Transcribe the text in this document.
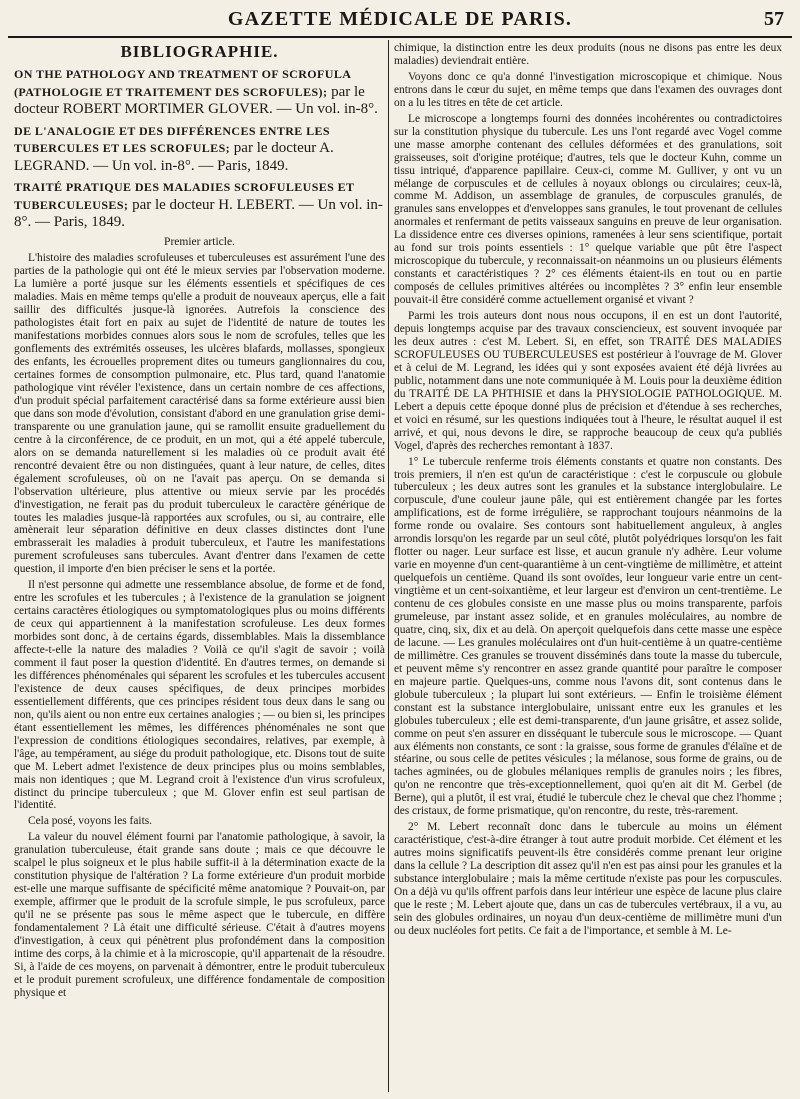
GAZETTE MÉDICALE DE PARIS.	57
BIBLIOGRAPHIE.
ON THE PATHOLOGY AND TREATMENT OF SCROFULA (PATHOLOGIE ET TRAITEMENT DES SCROFULES); par le docteur ROBERT MORTIMER GLOVER. — Un vol. in-8°.
DE L'ANALOGIE ET DES DIFFÉRENCES ENTRE LES TUBERCULES ET LES SCROFULES; par le docteur A. LEGRAND. — Un vol. in-8°. — Paris, 1849.
TRAITÉ PRATIQUE DES MALADIES SCROFULEUSES ET TUBERCULEUSES; par le docteur H. LEBERT. — Un vol. in-8°. — Paris, 1849.
Premier article.

L'histoire des maladies scrofuleuses et tuberculeuses est assurément l'une des parties de la pathologie qui ont été le mieux servies par l'observation moderne. La lumière a porté jusque sur les éléments essentiels et spécifiques de ces maladies. Mais en même temps qu'elle a produit de nouveaux aperçus, elle a fait saillir des difficultés jusque-là ignorées. Autrefois la conscience des pathologistes était fort en paix au sujet de l'identité de nature de toutes les manifestations morbides connues alors sous le nom de scrofules, telles que les gonflements des extrémités osseuses, les ulcères blafards, mollasses, spongieux des enfants, les écrouelles proprement dites ou tumeurs ganglionnaires du cou, certaines formes de consomption pulmonaire, etc. Plus tard, quand l'anatomie pathologique vint révéler l'existence, dans un certain nombre de ces affections, d'un produit spécial parfaitement caractérisé dans sa forme extérieure aussi bien que dans son mode d'évolution, consistant d'abord en une granulation grise demi-transparente ou une granulation jaune, qui se ramollit ensuite graduellement du centre à la circonférence, de ce produit, en un mot, qui a été appelé tubercule, alors on se demanda naturellement si les maladies où ce produit avait été rencontré devaient être ou non distinguées, quant à leur nature, de celles, dites également scrofuleuses, où on ne l'avait pas aperçu. On se demanda si l'observation ultérieure, plus attentive ou mieux servie par les procédés d'investigation, ne ferait pas du produit tuberculeux le caractère générique de toutes les maladies jusque-là rapportées aux scrofules, ou si, au contraire, elle amènerait leur séparation définitive en deux classes distinctes dont l'une embrasserait les maladies à produit tuberculeux, et l'autre les manifestations purement scrofuleuses sans tubercules. Avant d'entrer dans l'examen de cette question, il importe d'en bien préciser le sens et la portée.

Il n'est personne qui admette une ressemblance absolue, de forme et de fond, entre les scrofules et les tubercules ; à l'existence de la granulation se joignent certains caractères étiologiques ou symptomatologiques plus ou moins différents de ceux qui appartiennent à la manifestation scrofuleuse. Les deux formes morbides sont donc, à de certains égards, dissemblables. Mais la dissemblance affecte-t-elle la nature des maladies ? Voilà ce qu'il s'agit de savoir ; voilà comment il faut poser la question d'identité. En d'autres termes, on demande si les différences phénoménales qui séparent les scrofules et les tubercules accusent l'existence de deux causes spécifiques, de deux principes morbides essentiellement différents, que ces principes résident tous deux dans le sang ou non, qu'ils aient ou non entre eux certaines analogies ; — ou bien si, les principes étant essentiellement les mêmes, les différences phénoménales ne sont que l'expression de conditions étiologiques secondaires, relatives, par exemple, à l'âge, au tempérament, au siége du produit pathologique, etc. Disons tout de suite que M. Lebert admet l'existence de deux principes plus ou moins semblables, mais non identiques ; que M. Legrand croit à l'existence d'un virus scrofuleux, distinct du principe tuberculeux ; que M. Glover enfin est seul partisan de l'identité.

Cela posé, voyons les faits.

La valeur du nouvel élément fourni par l'anatomie pathologique, à savoir, la granulation tuberculeuse, était grande sans doute ; mais ce que découvre le scalpel le plus soigneux et le plus habile suffit-il à la détermination exacte de la constitution physique de l'altération ? La forme extérieure d'un produit morbide est-elle une marque suffisante de spécificité même anatomique ? Pouvait-on, par exemple, affirmer que le produit de la scrofule simple, le pus scrofuleux, parce qu'il ne se présente pas sous le même aspect que le tubercule, en diffère fondamentalement ? Là était une difficulté sérieuse. C'était à d'autres moyens d'investigation, à ceux qui pénètrent plus profondément dans la composition intime des corps, à la chimie et à la microscopie, qu'il appartenait de la résoudre. Si, à l'aide de ces moyens, on parvenait à démontrer, entre le produit tuberculeux et le produit purement scrofuleux, une différence fondamentale de composition physique et

chimique, la distinction entre les deux produits (nous ne disons pas entre les deux maladies) deviendrait entière.

Voyons donc ce qu'a donné l'investigation microscopique et chimique. Nous entrons dans le cœur du sujet, en même temps que dans l'examen des ouvrages dont on a lu les titres en tête de cet article.

Le microscope a longtemps fourni des données incohérentes ou contradictoires sur la constitution physique du tubercule. Les uns l'ont regardé avec Vogel comme une masse amorphe contenant des cellules déformées et des granulations, soit graisseuses, soit d'origine protéique; d'autres, tels que le docteur Kuhn, comme un tissu intriqué, d'apparence papillaire. Ceux-ci, comme M. Gulliver, y ont vu un mélange de corpuscules et de cellules à noyaux oblongs ou circulaires; ceux-là, comme M. Addison, un assemblage de granules, de corpuscules granulés, de granules sans enveloppes et d'enveloppes sans granules, le tout provenant de cellules anormales et renfermant de petits vaisseaux sanguins en preuve de leur organisation. La dissidence entre ces diverses opinions, ramenées à leur sens scientifique, portait au fond sur trois points essentiels : 1° quelque variable que pût être l'aspect microscopique du tubercule, y reconnaissait-on néanmoins un ou plusieurs éléments constants et caractéristiques ? 2° ces éléments étaient-ils en tout ou en partie composés de cellules primitives altérées ou incomplètes ? 3° enfin leur ensemble pouvait-il être considéré comme actuellement organisé et vivant ?

Parmi les trois auteurs dont nous nous occupons, il en est un dont l'autorité, depuis longtemps acquise par des travaux consciencieux, est souvent invoquée par les deux autres : c'est M. Lebert. Si, en effet, son TRAITÉ DES MALADIES SCROFULEUSES OU TUBERCULEUSES est postérieur à l'ouvrage de M. Glover et à celui de M. Legrand, les idées qui y sont exposées avaient été déjà livrées au public, notamment dans une note communiquée à M. Louis pour la deuxième édition du TRAITÉ DE LA PHTHISIE et dans la PHYSIOLOGIE PATHOLOGIQUE. M. Lebert a depuis cette époque donné plus de précision et d'étendue à ses recherches, et voici en résumé, sur les questions indiquées tout à l'heure, le résultat auquel il est arrivé, et qui, nous devons le dire, se rapproche beaucoup de ceux qu'a publiés Vogel, d'après des recherches remontant à 1837.

1° Le tubercule renferme trois éléments constants et quatre non constants. Des trois premiers, il n'en est qu'un de caractéristique : c'est le corpuscule ou globule tuberculeux ; les deux autres sont les granules et la substance interglobulaire. Le corpuscule, d'une couleur jaune pâle, qui est entièrement changée par les fortes amplifications, est de forme irrégulière, se rapprochant toujours néanmoins de la forme ronde ou ovalaire. Ses contours sont habituellement anguleux, à angles arrondis lorsqu'on les regarde par un seul côté, plutôt polyédriques lorsqu'on les fait flotter ou nager. Leur surface est lisse, et aucun granule n'y adhère. Leur volume varie en moyenne d'un cent-quarantième à un cent-vingtième de millimètre, et atteint quelquefois un centième. Quand ils sont ovoïdes, leur longueur varie entre un cent-vingtième et un cent-soixantième, et leur largeur est d'environ un cent-trentième. Le contenu de ces globules consiste en une masse plus ou moins transparente, parfois grumeleuse, par instant assez solide, et en granules moléculaires, au nombre de quatre, cinq, six, dix et au delà. On aperçoit quelquefois dans cette masse une espèce de lacune. — Les granules moléculaires ont d'un huit-centième à un quatre-centième de millimètre. Ces granules se trouvent disséminés dans toute la masse du tubercule, et peuvent même s'y rencontrer en assez grande quantité pour paraître le composer en majeure partie. Quelques-uns, comme nous l'avons dit, sont contenus dans le globule tuberculeux ; la plupart lui sont extérieurs. — Enfin le troisième élément constant est la substance interglobulaire, unissant entre eux les granules et les globules tuberculeux ; elle est demi-transparente, d'un jaune grisâtre, et assez solide, comme on peut s'en assurer en disséquant le tubercule sous le microscope. — Quant aux éléments non constants, ce sont : la graisse, sous forme de granules d'élaïne et de stéarine, ou sous celle de petites vésicules ; la mélanose, sous forme de grains, ou de taches agminées, ou de globules mélaniques remplis de granules noirs ; les fibres, qu'on ne rencontre que très-exceptionnellement, quoi qu'en ait dit M. Gerbel (de Berne), qui a plutôt, il est vrai, étudié le tubercule chez le cheval que chez l'homme ; des cristaux, de forme prismatique, qu'on rencontre, du reste, très-rarement.

2° M. Lebert reconnaît donc dans le tubercule au moins un élément caractéristique, c'est-à-dire étranger à tout autre produit morbide. Cet élément et les autres moins significatifs peuvent-ils être considérés comme prenant leur origine dans la cellule ? La description dit assez qu'il n'en est pas ainsi pour les granules et la substance interglobulaire ; mais la même certitude n'existe pas pour les corpuscules. On a déjà vu qu'ils offrent parfois dans leur intérieur une espèce de lacune plus claire que le reste ; M. Lebert ajoute que, dans un cas de tubercules vertébraux, il a vu, au sein des globules ordinaires, un noyau d'un deux-centième de millimètre muni d'un ou deux nucléoles fort petits. Ce fait a de l'importance, et semble à M. Le-
